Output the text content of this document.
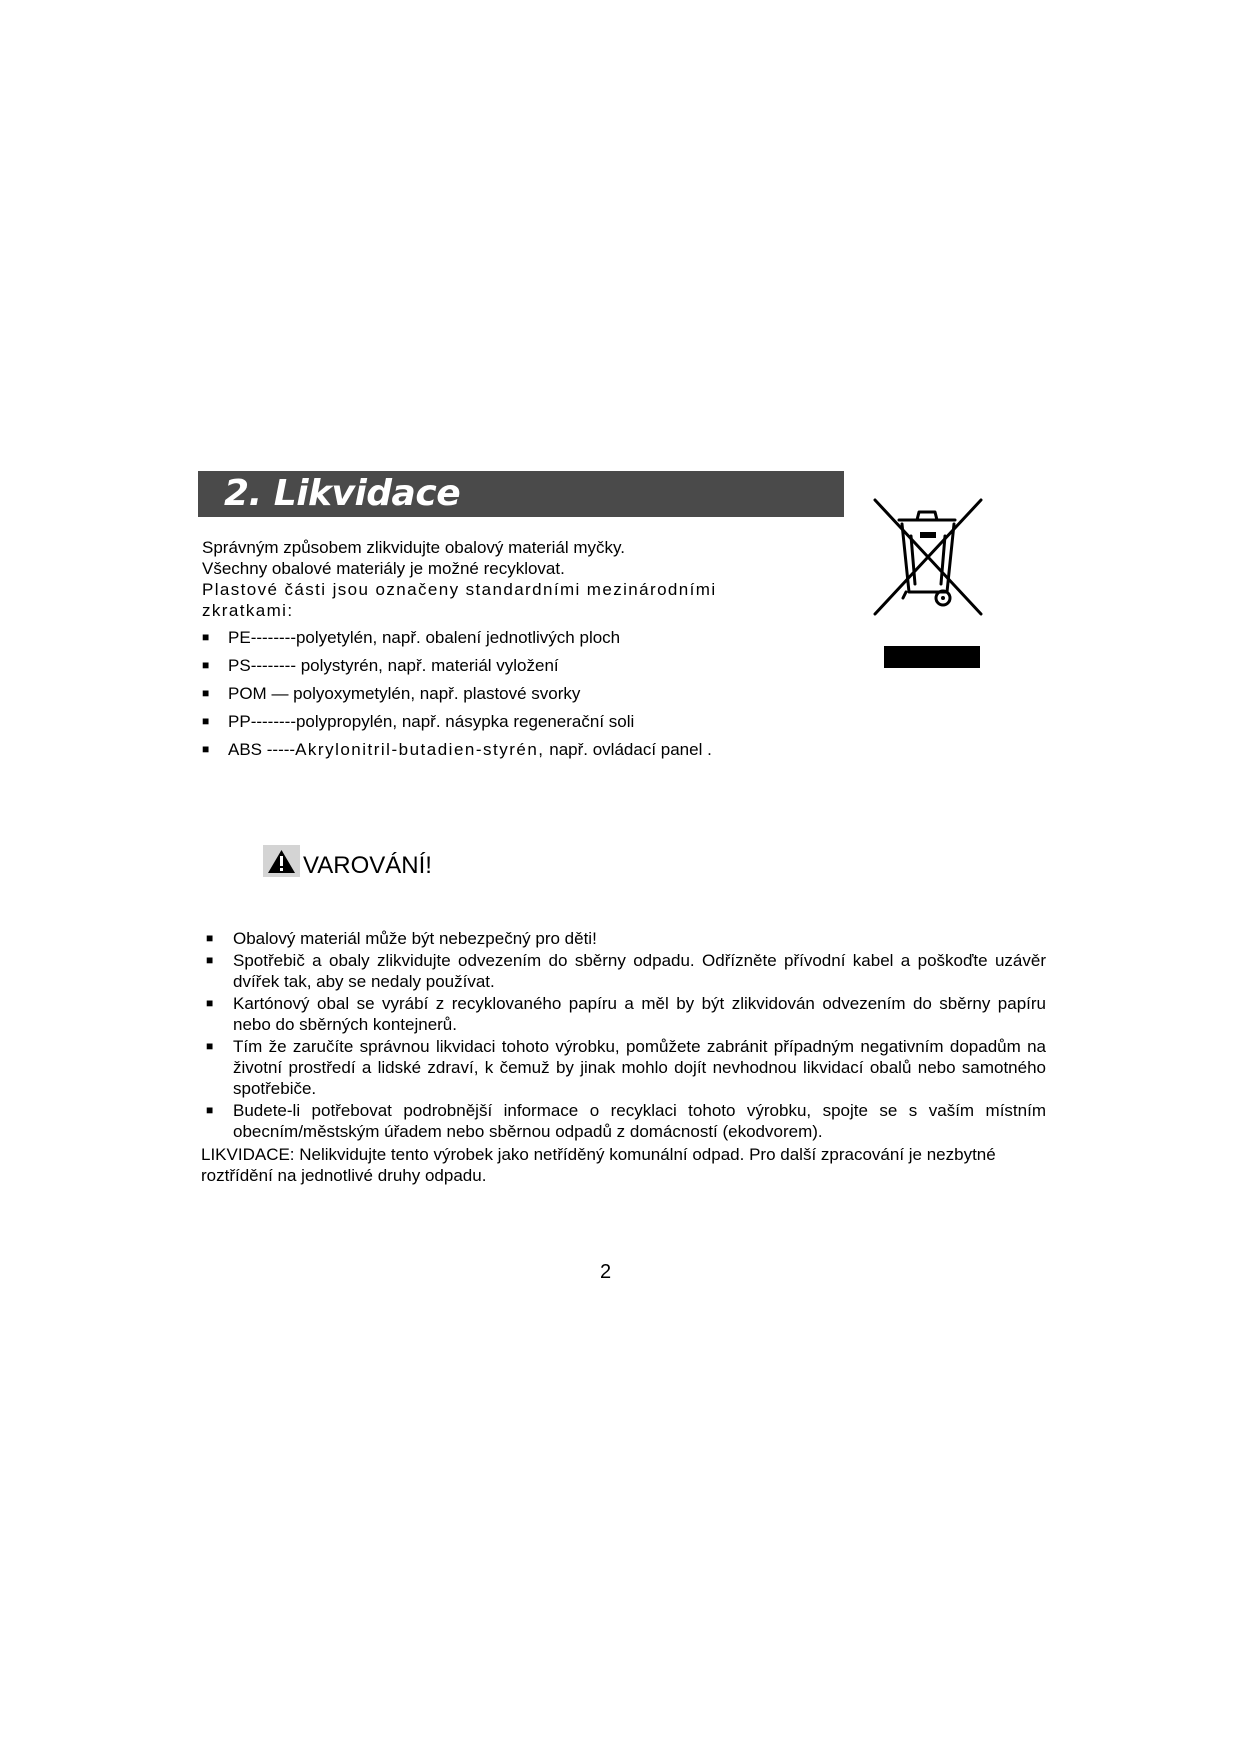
2. Likvidace
Správným způsobem zlikvidujte obalový materiál myčky.
Všechny obalové materiály je možné recyklovat.
Plastové části jsou označeny standardními mezinárodními zkratkami:
■ PE--------polyetylén, např. obalení jednotlivých ploch
■ PS-------- polystyrén, např. materiál vyložení
■ POM — polyoxymetylén, např. plastové svorky
■ PP--------polypropylén, např. násypka regenerační soli
■ ABS -----Akrylonitril-butadien-styrén, např. ovládací panel .
VAROVÁNÍ!
■ Obalový materiál může být nebezpečný pro děti!
■ Spotřebič a obaly zlikvidujte odvezením do sběrny odpadu. Odřízněte přívodní kabel a poškoďte uzávěr dvířek tak, aby se nedaly používat.
■ Kartónový obal se vyrábí z recyklovaného papíru a měl by být zlikvidován odvezením do sběrny papíru nebo do sběrných kontejnerů.
■ Tím že zaručíte správnou likvidaci tohoto výrobku, pomůžete zabránit případným negativním dopadům na životní prostředí a lidské zdraví, k čemuž by jinak mohlo dojít nevhodnou likvidací obalů nebo samotného spotřebiče.
■ Budete-li potřebovat podrobnější informace o recyklaci tohoto výrobku, spojte se s vaším místním obecním/městským úřadem nebo sběrnou odpadů z domácností (ekodvorem).
LIKVIDACE: Nelikvidujte tento výrobek jako netříděný komunální odpad. Pro další zpracování je nezbytné roztřídění na jednotlivé druhy odpadu.
2
